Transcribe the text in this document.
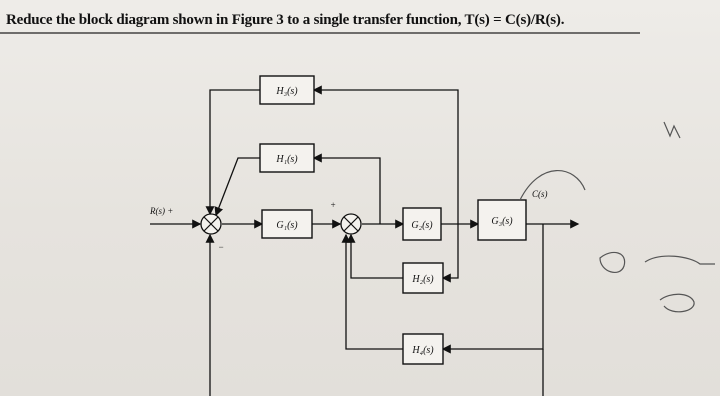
Reduce the block diagram shown in Figure 3 to a single transfer function, T(s) = C(s)/R(s).
H₃(s)
H₁(s)
G₁(s)	G₂(s)	G₃(s)
H₂(s)
H₄(s)
R(s) +
C(s)
+
−
